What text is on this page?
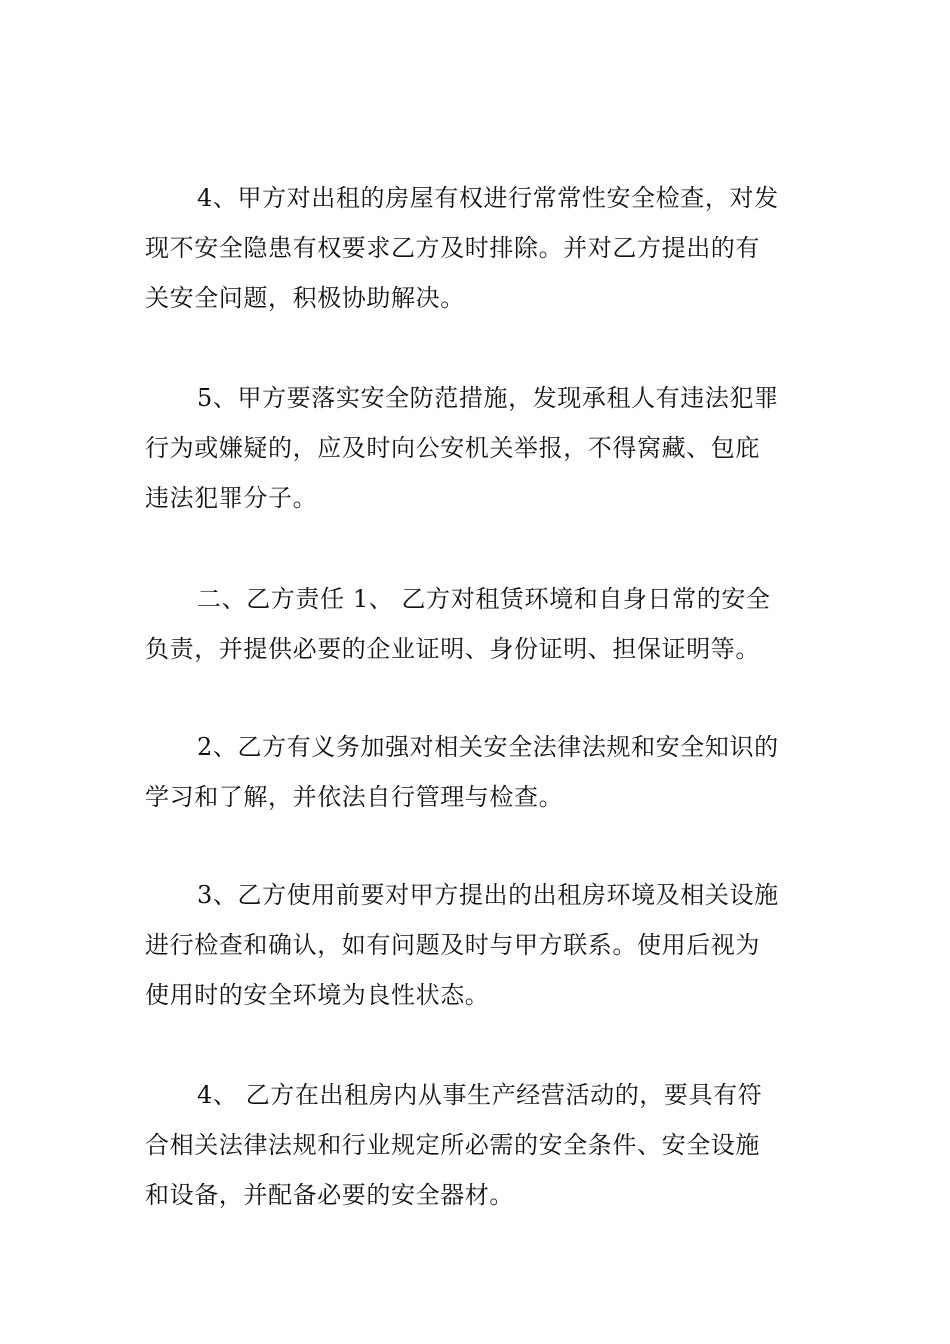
4、甲方对出租的房屋有权进行常常性安全检查，对发
现不安全隐患有权要求乙方及时排除。并对乙方提出的有
关安全问题，积极协助解决。
5、甲方要落实安全防范措施，发现承租人有违法犯罪
行为或嫌疑的，应及时向公安机关举报，不得窝藏、包庇
违法犯罪分子。
二、乙方责任 1、 乙方对租赁环境和自身日常的安全
负责，并提供必要的企业证明、身份证明、担保证明等。
2、乙方有义务加强对相关安全法律法规和安全知识的
学习和了解，并依法自行管理与检查。
3、乙方使用前要对甲方提出的出租房环境及相关设施
进行检查和确认，如有问题及时与甲方联系。使用后视为
使用时的安全环境为良性状态。
4、 乙方在出租房内从事生产经营活动的，要具有符
合相关法律法规和行业规定所必需的安全条件、安全设施
和设备，并配备必要的安全器材。
